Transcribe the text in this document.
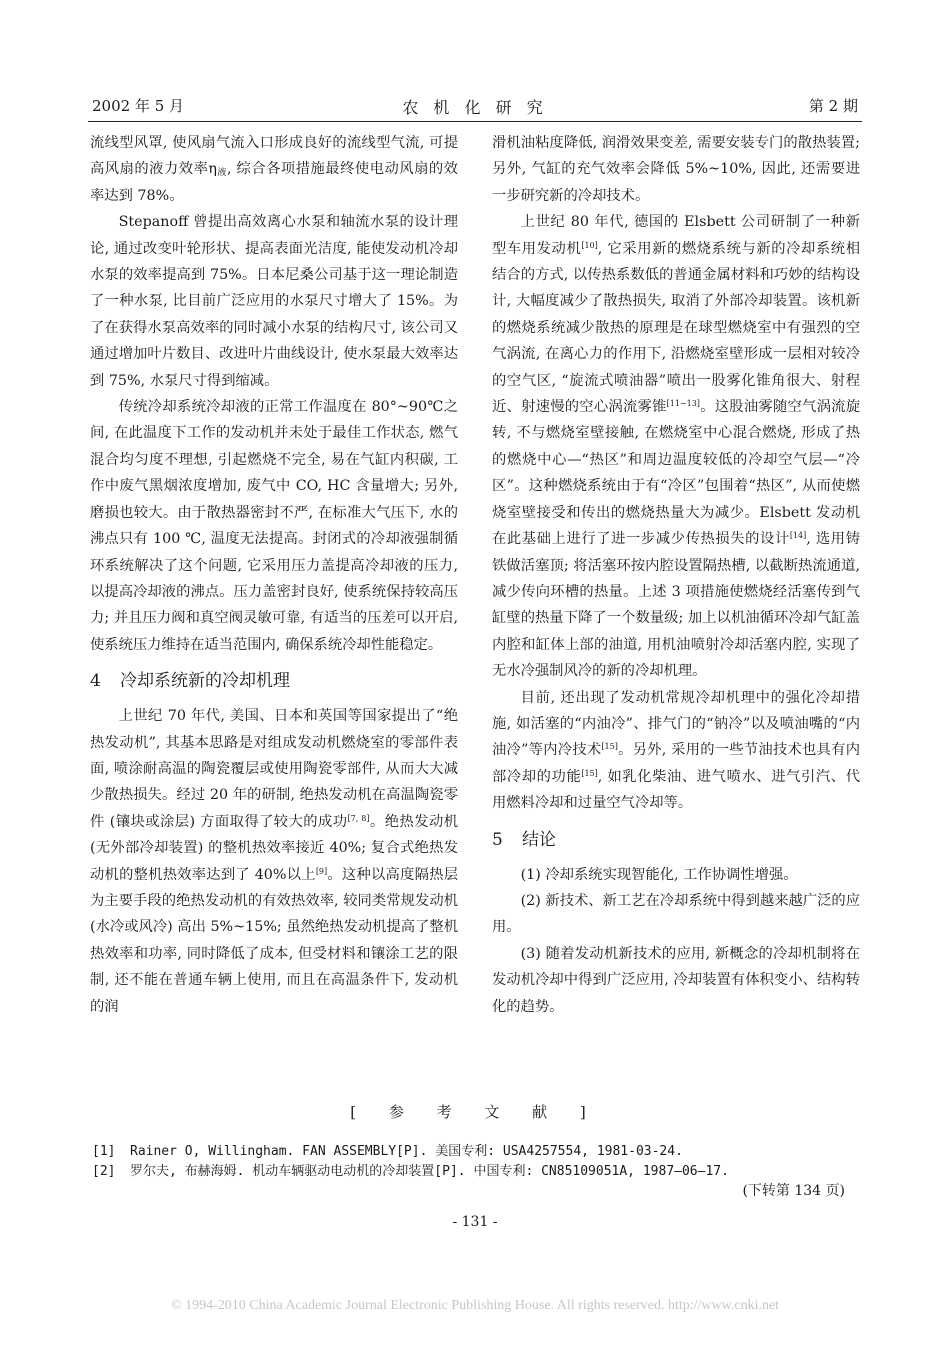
2002 年 5 月	农 机 化 研 究	第 2 期

流线型风罩, 使风扇气流入口形成良好的流线型气流, 可提高风扇的液力效率$\eta_液$, 综合各项措施最终使电动风扇的效率达到 78%。

Stepanoff 曾提出高效离心水泵和轴流水泵的设计理论, 通过改变叶轮形状、提高表面光洁度, 能使发动机冷却水泵的效率提高到 75%。日本尼桑公司基于这一理论制造了一种水泵, 比目前广泛应用的水泵尺寸增大了 15%。为了在获得水泵高效率的同时减小水泵的结构尺寸, 该公司又通过增加叶片数目、改进叶片曲线设计, 使水泵最大效率达到 75%, 水泵尺寸得到缩减。

传统冷却系统冷却液的正常工作温度在 80°~90℃之间, 在此温度下工作的发动机并未处于最佳工作状态, 燃气混合均匀度不理想, 引起燃烧不完全, 易在气缸内积碳, 工作中废气黑烟浓度增加, 废气中 CO, HC 含量增大; 另外, 磨损也较大。由于散热器密封不严, 在标准大气压下, 水的沸点只有 100 ℃, 温度无法提高。封闭式的冷却液强制循环系统解决了这个问题, 它采用压力盖提高冷却液的压力, 以提高冷却液的沸点。压力盖密封良好, 使系统保持较高压力; 并且压力阀和真空阀灵敏可靠, 有适当的压差可以开启, 使系统压力维持在适当范围内, 确保系统冷却性能稳定。

4 冷却系统新的冷却机理

上世纪 70 年代, 美国、日本和英国等国家提出了“绝热发动机”, 其基本思路是对组成发动机燃烧室的零部件表面, 喷涂耐高温的陶瓷覆层或使用陶瓷零部件, 从而大大减少散热损失。经过 20 年的研制, 绝热发动机在高温陶瓷零件 (镶块或涂层) 方面取得了较大的成功[7, 8]。绝热发动机 (无外部冷却装置) 的整机热效率接近 40%; 复合式绝热发动机的整机热效率达到了 40%以上[9]。这种以高度隔热层为主要手段的绝热发动机的有效热效率, 较同类常规发动机 (水冷或风冷) 高出 5%~15%; 虽然绝热发动机提高了整机热效率和功率, 同时降低了成本, 但受材料和镶涂工艺的限制, 还不能在普通车辆上使用, 而且在高温条件下, 发动机的润

滑机油粘度降低, 润滑效果变差, 需要安装专门的散热装置; 另外, 气缸的充气效率会降低 5%~10%, 因此, 还需要进一步研究新的冷却技术。

上世纪 80 年代, 德国的 Elsbett 公司研制了一种新型车用发动机[10], 它采用新的燃烧系统与新的冷却系统相结合的方式, 以传热系数低的普通金属材料和巧妙的结构设计, 大幅度减少了散热损失, 取消了外部冷却装置。该机新的燃烧系统减少散热的原理是在球型燃烧室中有强烈的空气涡流, 在离心力的作用下, 沿燃烧室壁形成一层相对较冷的空气区, “旋流式喷油器”喷出一股雾化锥角很大、射程近、射速慢的空心涡流雾锥[11~13]。这股油雾随空气涡流旋转, 不与燃烧室壁接触, 在燃烧室中心混合燃烧, 形成了热的燃烧中心—“热区”和周边温度较低的冷却空气层—“冷区”。这种燃烧系统由于有“冷区”包围着“热区”, 从而使燃烧室壁接受和传出的燃烧热量大为减少。Elsbett 发动机在此基础上进行了进一步减少传热损失的设计[14], 选用铸铁做活塞顶; 将活塞环按内腔设置隔热槽, 以截断热流通道, 减少传向环槽的热量。上述 3 项措施使燃烧经活塞传到气缸壁的热量下降了一个数量级; 加上以机油循环冷却气缸盖内腔和缸体上部的油道, 用机油喷射冷却活塞内腔, 实现了无水冷强制风冷的新的冷却机理。

目前, 还出现了发动机常规冷却机理中的强化冷却措施, 如活塞的“内油冷”、排气门的“钠冷”以及喷油嘴的“内油冷”等内冷技术[15]。另外, 采用的一些节油技术也具有内部冷却的功能[15], 如乳化柴油、进气喷水、进气引汽、代用燃料冷却和过量空气冷却等。

5 结论

(1) 冷却系统实现智能化, 工作协调性增强。

(2) 新技术、新工艺在冷却系统中得到越来越广泛的应用。

(3) 随着发动机新技术的应用, 新概念的冷却机制将在发动机冷却中得到广泛应用, 冷却装置有体积变小、结构转化的趋势。

[ 参 考 文 献 ]
[1] Rainer O, Willingham. FAN ASSEMBLY[P]. 美国专利: USA4257554, 1981-03-24.
[2] 罗尔夫, 布赫海姆. 机动车辆驱动电动机的冷却装置[P]. 中国专利: CN85109051A, 1987—06—17.
(下转第 134 页)
- 131 -
© 1994-2010 China Academic Journal Electronic Publishing House. All rights reserved. http://www.cnki.net
